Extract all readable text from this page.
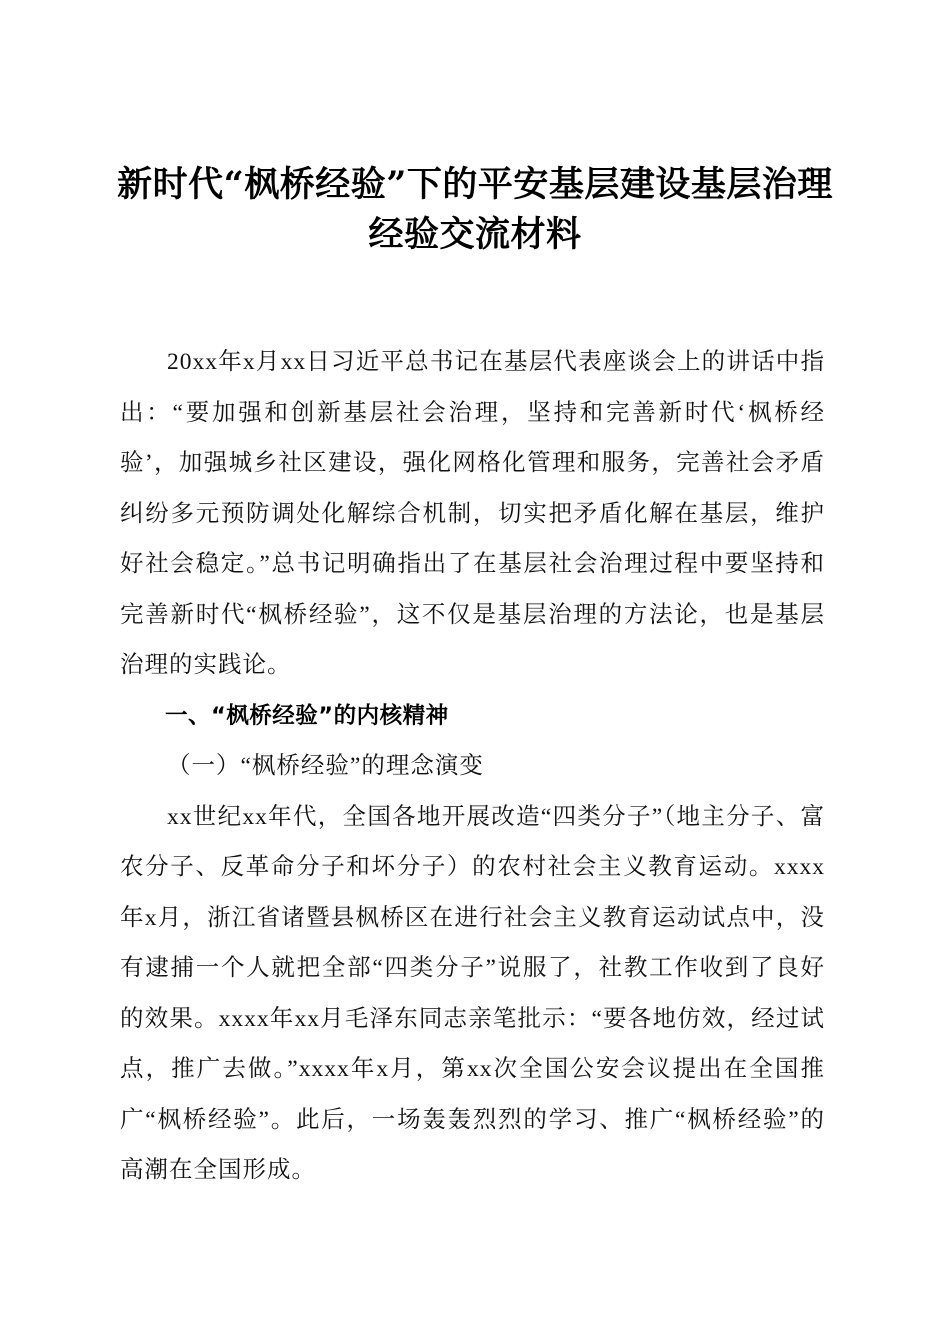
新时代“枫桥经验”下的平安基层建设基层治理经验交流材料

20xx年x月xx日习近平总书记在基层代表座谈会上的讲话中指出：“要加强和创新基层社会治理，坚持和完善新时代‘枫桥经验’，加强城乡社区建设，强化网格化管理和服务，完善社会矛盾纠纷多元预防调处化解综合机制，切实把矛盾化解在基层，维护好社会稳定。”总书记明确指出了在基层社会治理过程中要坚持和完善新时代“枫桥经验”，这不仅是基层治理的方法论，也是基层治理的实践论。

一、“枫桥经验”的内核精神

（一）“枫桥经验”的理念演变

xx世纪xx年代，全国各地开展改造“四类分子”（地主分子、富农分子、反革命分子和坏分子）的农村社会主义教育运动。xxxx年x月，浙江省诸暨县枫桥区在进行社会主义教育运动试点中，没有逮捕一个人就把全部“四类分子”说服了，社教工作收到了良好的效果。xxxx年xx月毛泽东同志亲笔批示：“要各地仿效，经过试点，推广去做。”xxxx年x月，第xx次全国公安会议提出在全国推广“枫桥经验”。此后，一场轰轰烈烈的学习、推广“枫桥经验”的高潮在全国形成。
